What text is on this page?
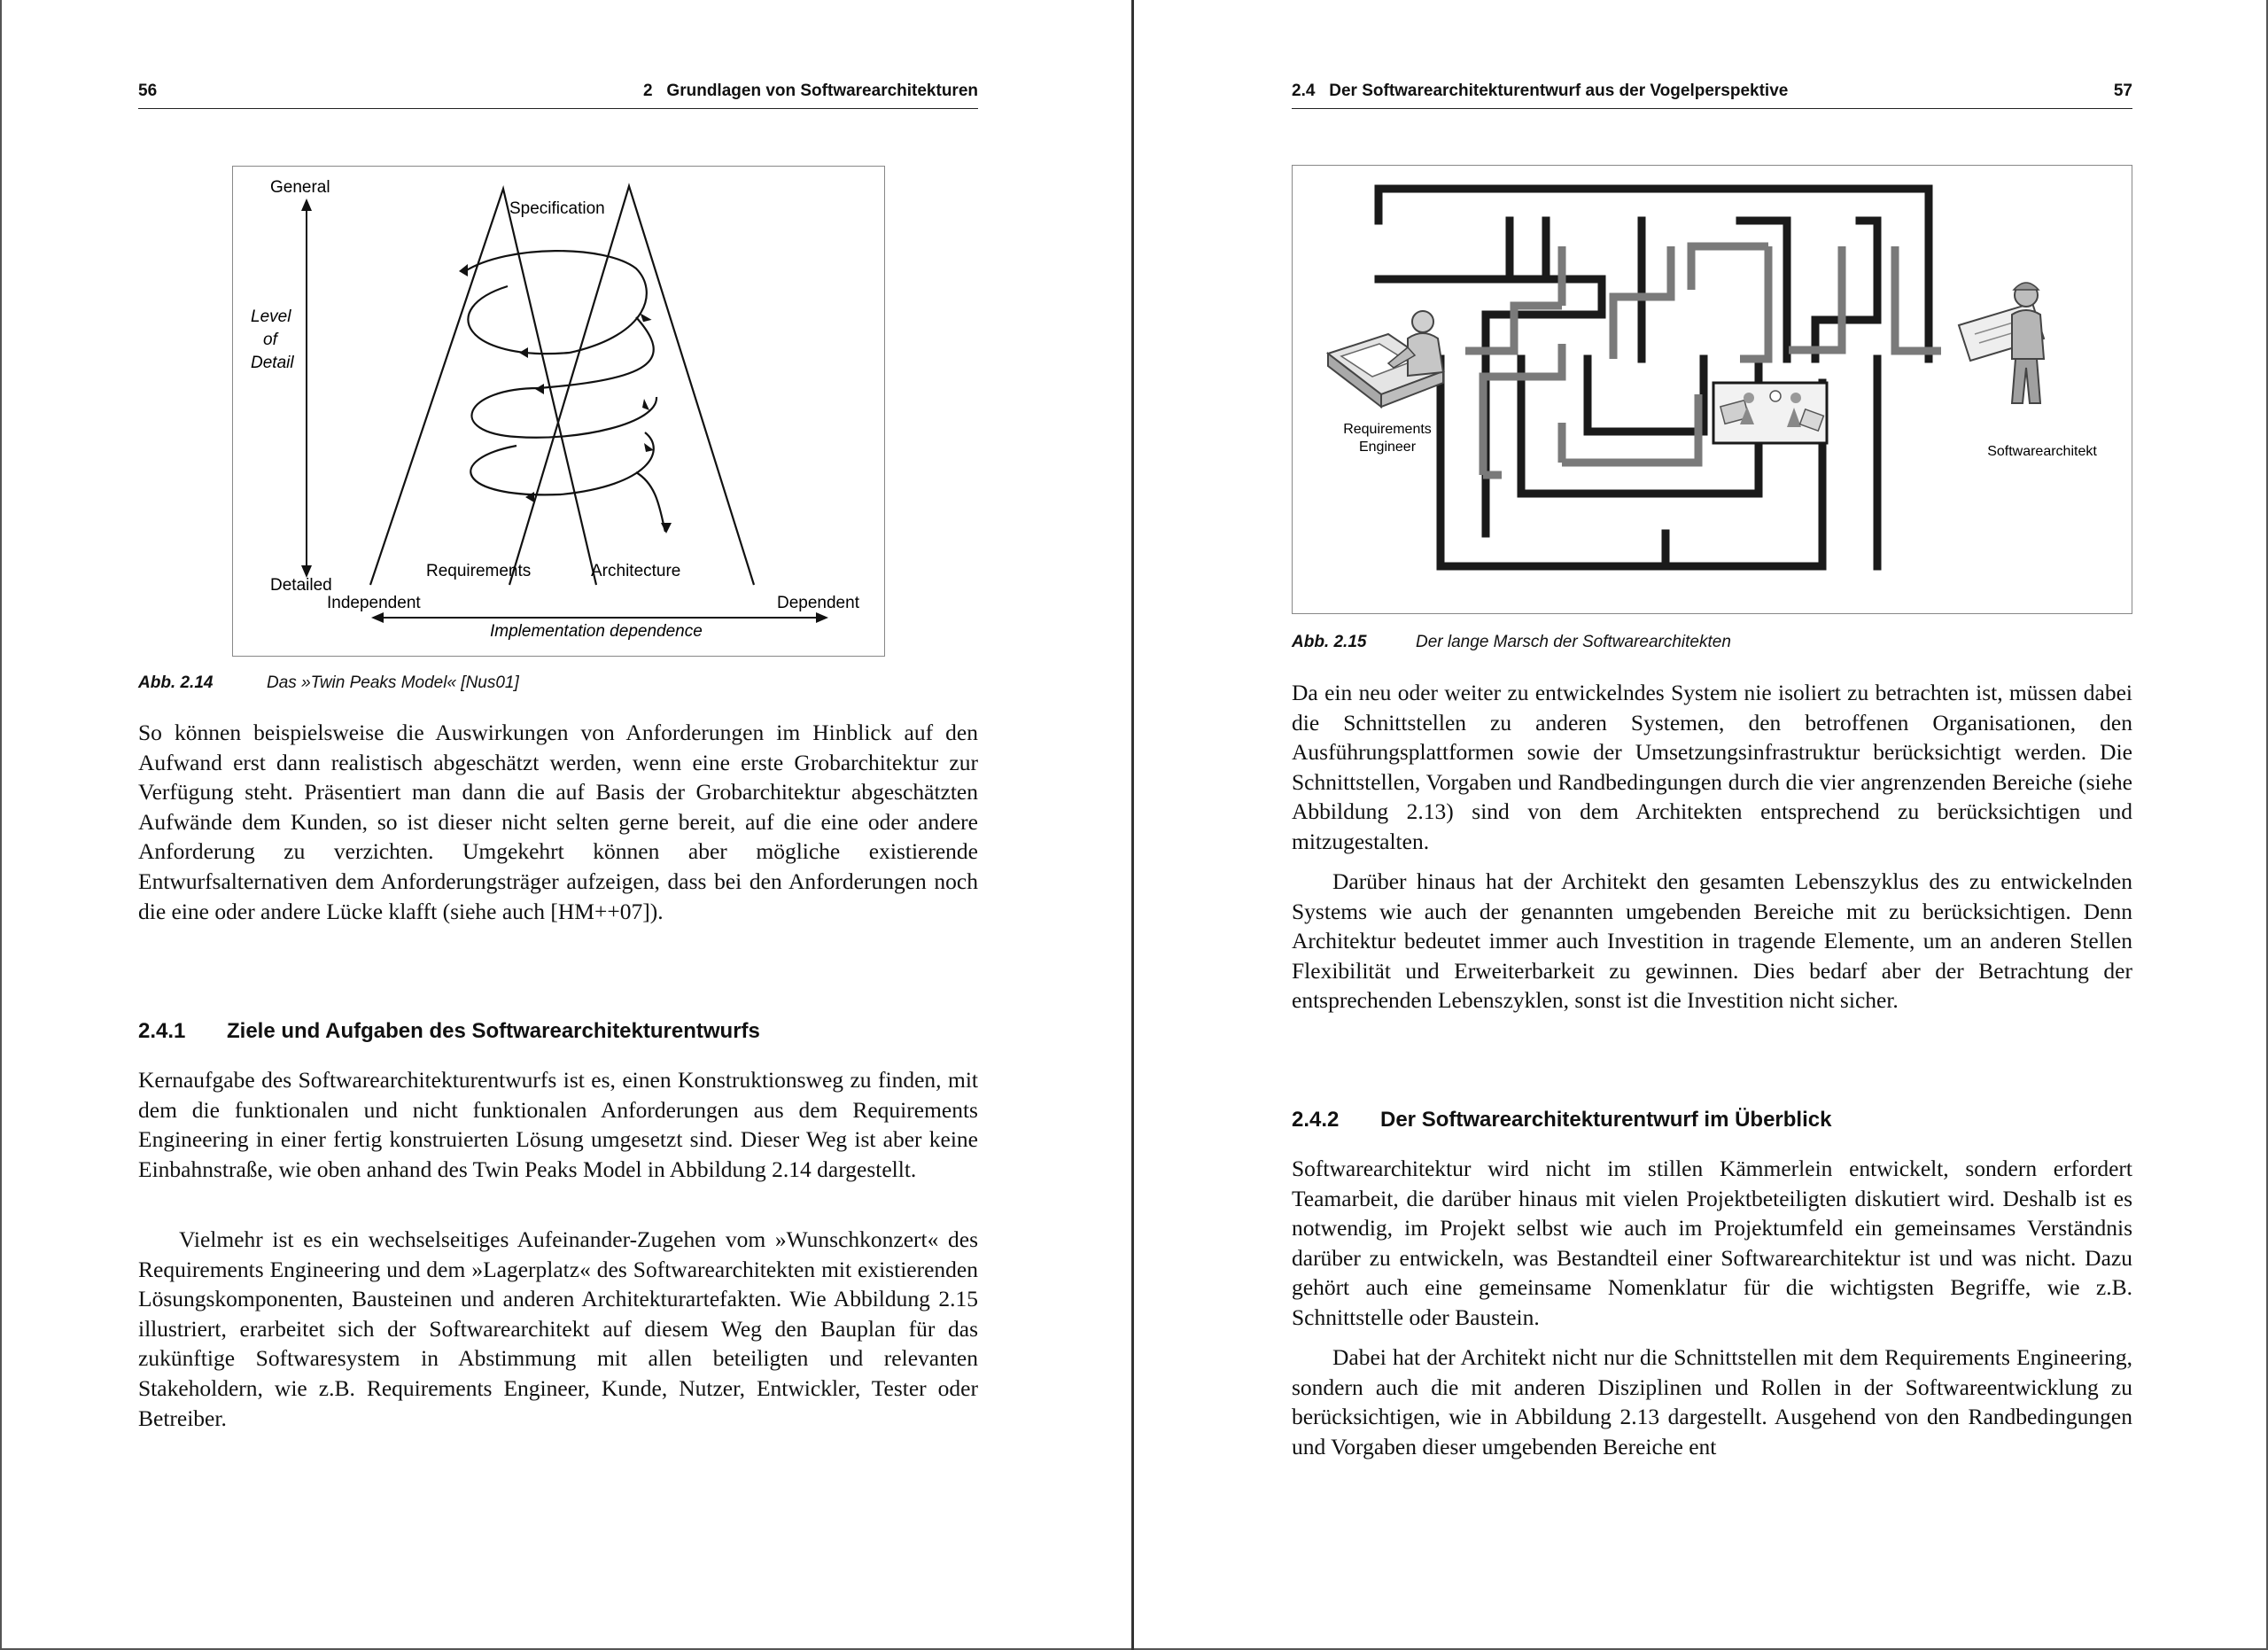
56	2   Grundlagen von Softwarearchitekturen
General
Specification
Level
of
Detail
Detailed
Requirements	Architecture
Independent	Dependent
Implementation dependence
Abb. 2.14	Das »Twin Peaks Model« [Nus01]
So können beispielsweise die Auswirkungen von Anforderungen im Hinblick auf den Aufwand erst dann realistisch abgeschätzt werden, wenn eine erste Grobarchitektur zur Verfügung steht. Präsentiert man dann die auf Basis der Grobarchitektur abgeschätzten Aufwände dem Kunden, so ist dieser nicht selten gerne bereit, auf die eine oder andere Anforderung zu verzichten. Umgekehrt können aber mögliche existierende Entwurfsalternativen dem Anforderungsträger aufzeigen, dass bei den Anforderungen noch die eine oder andere Lücke klafft (siehe auch [HM++07]).
2.4.1 Ziele und Aufgaben des Softwarearchitekturentwurfs
Kernaufgabe des Softwarearchitekturentwurfs ist es, einen Konstruktionsweg zu finden, mit dem die funktionalen und nicht funktionalen Anforderungen aus dem Requirements Engineering in einer fertig konstruierten Lösung umgesetzt sind. Dieser Weg ist aber keine Einbahnstraße, wie oben anhand des Twin Peaks Model in Abbildung 2.14 dargestellt.
Vielmehr ist es ein wechselseitiges Aufeinander-Zugehen vom »Wunschkonzert« des Requirements Engineering und dem »Lagerplatz« des Softwarearchitekten mit existierenden Lösungskomponenten, Bausteinen und anderen Architekturartefakten. Wie Abbildung 2.15 illustriert, erarbeitet sich der Softwarearchitekt auf diesem Weg den Bauplan für das zukünftige Softwaresystem in Abstimmung mit allen beteiligten und relevanten Stakeholdern, wie z.B. Requirements Engineer, Kunde, Nutzer, Entwickler, Tester oder Betreiber.
2.4   Der Softwarearchitekturentwurf aus der Vogelperspektive	57
Requirements
Engineer	Softwarearchitekt
Abb. 2.15	Der lange Marsch der Softwarearchitekten
Da ein neu oder weiter zu entwickelndes System nie isoliert zu betrachten ist, müssen dabei die Schnittstellen zu anderen Systemen, den betroffenen Organisationen, den Ausführungsplattformen sowie der Umsetzungsinfrastruktur berücksichtigt werden. Die Schnittstellen, Vorgaben und Randbedingungen durch die vier angrenzenden Bereiche (siehe Abbildung 2.13) sind von dem Architekten entsprechend zu berücksichtigen und mitzugestalten.
Darüber hinaus hat der Architekt den gesamten Lebenszyklus des zu entwickelnden Systems wie auch der genannten umgebenden Bereiche mit zu berücksichtigen. Denn Architektur bedeutet immer auch Investition in tragende Elemente, um an anderen Stellen Flexibilität und Erweiterbarkeit zu gewinnen. Dies bedarf aber der Betrachtung der entsprechenden Lebenszyklen, sonst ist die Investition nicht sicher.
2.4.2 Der Softwarearchitekturentwurf im Überblick
Softwarearchitektur wird nicht im stillen Kämmerlein entwickelt, sondern erfordert Teamarbeit, die darüber hinaus mit vielen Projektbeteiligten diskutiert wird. Deshalb ist es notwendig, im Projekt selbst wie auch im Projektumfeld ein gemeinsames Verständnis darüber zu entwickeln, was Bestandteil einer Softwarearchitektur ist und was nicht. Dazu gehört auch eine gemeinsame Nomenklatur für die wichtigsten Begriffe, wie z.B. Schnittstelle oder Baustein.
Dabei hat der Architekt nicht nur die Schnittstellen mit dem Requirements Engineering, sondern auch die mit anderen Disziplinen und Rollen in der Softwareentwicklung zu berücksichtigen, wie in Abbildung 2.13 dargestellt. Ausgehend von den Randbedingungen und Vorgaben dieser umgebenden Bereiche ent
